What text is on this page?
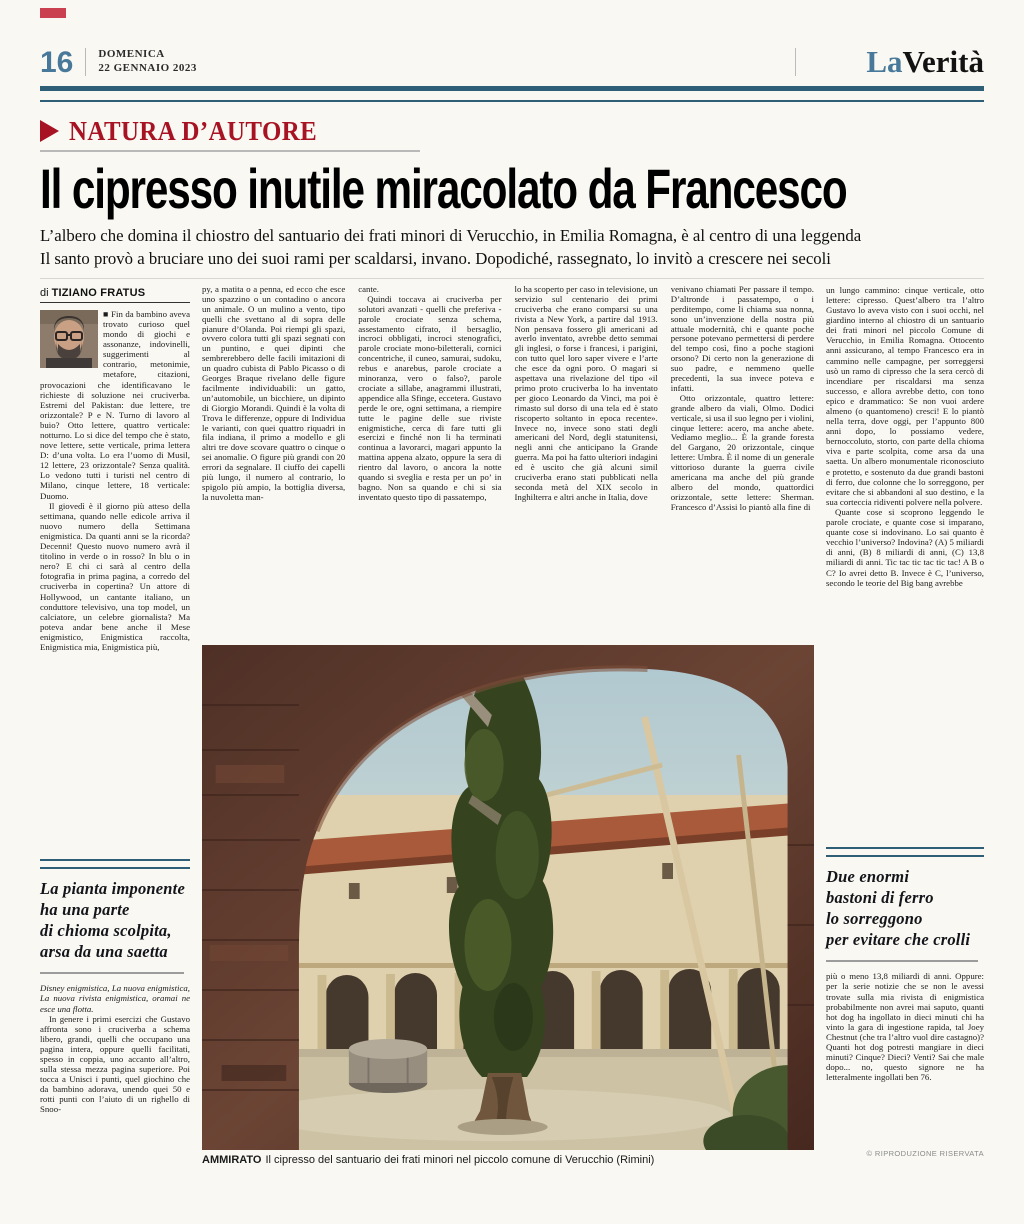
16 DOMENICA
22 GENNAIO 2023	LaVerità
NATURA D’AUTORE
Il cipresso inutile miracolato da Francesco
L’albero che domina il chiostro del santuario dei frati minori di Verucchio, in Emilia Romagna, è al centro di una leggenda
Il santo provò a bruciare uno dei suoi rami per scaldarsi, invano. Dopodiché, rassegnato, lo invitò a crescere nei secoli
di TIZIANO FRATUS

■ Fin da bambino aveva trovato curioso quel mondo di giochi e assonanze, indovinelli, suggerimenti al contrario, metonimie, metafore, citazioni, provocazioni che identificavano le richieste di soluzione nei cruciverba. Estremi del Pakistan: due lettere, tre orizzontale? P e N. Turno di lavoro al buio? Otto lettere, quattro verticale: notturno. Lo si dice del tempo che è stato, nove lettere, sette verticale, prima lettera D: d’una volta. Lo era l’uomo di Musil, 12 lettere, 23 orizzontale? Senza qualità. Lo vedono tutti i turisti nel centro di Milano, cinque lettere, 18 verticale: Duomo.

Il giovedì è il giorno più atteso della settimana, quando nelle edicole arriva il nuovo numero della Settimana enigmistica. Da quanti anni se la ricorda? Decenni! Questo nuovo numero avrà il titolino in verde o in rosso? In blu o in nero? E chi ci sarà al centro della fotografia in prima pagina, a corredo del cruciverba in copertina? Un attore di Hollywood, un cantante italiano, un conduttore televisivo, una top model, un calciatore, un celebre giornalista? Ma poteva andar bene anche il Mese enigmistico, Enigmistica raccolta, Enigmistica mia, Enigmistica più,

La pianta imponente
ha una parte
di chioma scolpita,
arsa da una saetta

Disney enigmistica, La nuova enigmistica, La nuova rivista enigmistica, oramai ne esce una flotta.

In genere i primi esercizi che Gustavo affronta sono i cruciverba a schema libero, grandi, quelli che occupano una pagina intera, oppure quelli facilitati, spesso in coppia, uno accanto all’altro, sulla stessa mezza pagina superiore. Poi tocca a Unisci i punti, quel giochino che da bambino adorava, unendo quei 50 e rotti punti con l’aiuto di un righello di Snoo-

py, a matita o a penna, ed ecco che esce uno spazzino o un contadino o ancora un animale. O un mulino a vento, tipo quelli che svettano al di sopra delle pianure d’Olanda. Poi riempi gli spazi, ovvero colora tutti gli spazi segnati con un puntino, e quei dipinti che sembrerebbero delle facili imitazioni di un quadro cubista di Pablo Picasso o di Georges Braque rivelano delle figure facilmente individuabili: un gatto, un’automobile, un bicchiere, un dipinto di Giorgio Morandi. Quindi è la volta di Trova le differenze, oppure di Individua le varianti, con quei quattro riquadri in fila indiana, il primo a modello e gli altri tre dove scovare quattro o cinque o sei anomalie. O figure più grandi con 20 errori da segnalare. Il ciuffo dei capelli più lungo, il numero al contrario, lo spigolo più ampio, la bottiglia diversa, la nuvoletta man-

cante.

Quindi toccava ai cruciverba per solutori avanzati - quelli che preferiva - parole crociate senza schema, assestamento cifrato, il bersaglio, incroci obbligati, incroci stenografici, parole crociate mono-biletterali, cornici concentriche, il cuneo, samurai, sudoku, rebus e anarebus, parole crociate a minoranza, vero o falso?, parole crociate a sillabe, anagrammi illustrati, appendice alla Sfinge, eccetera. Gustavo perde le ore, ogni settimana, a riempire tutte le pagine delle sue riviste enigmistiche, cerca di fare tutti gli esercizi e finché non li ha terminati continua a lavorarci, magari appunto la mattina appena alzato, oppure la sera di rientro dal lavoro, o ancora la notte quando si sveglia e resta per un po’ in bagno. Non sa quando e chi si sia inventato questo tipo di passatempo,

lo ha scoperto per caso in televisione, un servizio sul centenario dei primi cruciverba che erano comparsi su una rivista a New York, a partire dal 1913. Non pensava fossero gli americani ad averlo inventato, avrebbe detto semmai gli inglesi, o forse i francesi, i parigini, con tutto quel loro saper vivere e l’arte che esce da ogni poro. O magari si aspettava una rivelazione del tipo «il primo proto cruciverba lo ha inventato per gioco Leonardo da Vinci, ma poi è rimasto sul dorso di una tela ed è stato riscoperto soltanto in epoca recente». Invece no, invece sono stati degli americani del Nord, degli statunitensi, negli anni che anticipano la Grande guerra. Ma poi ha fatto ulteriori indagini ed è uscito che già alcuni simil cruciverba erano stati pubblicati nella seconda metà del XIX secolo in Inghilterra e altri anche in Italia, dove

venivano chiamati Per passare il tempo. D’altronde i passatempo, o i perditempo, come li chiama sua nonna, sono un’invenzione della nostra più attuale modernità, chi e quante poche persone potevano permettersi di perdere del tempo così, fino a poche stagioni orsono? Di certo non la generazione di suo padre, e nemmeno quelle precedenti, la sua invece poteva e infatti.

Otto orizzontale, quattro lettere: grande albero da viali, Olmo. Dodici verticale, si usa il suo legno per i violini, cinque lettere: acero, ma anche abete. Vediamo meglio... È la grande foresta del Gargano, 20 orizzontale, cinque lettere: Umbra. È il nome di un generale vittorioso durante la guerra civile americana ma anche del più grande albero del mondo, quattordici orizzontale, sette lettere: Sherman. Francesco d’Assisi lo piantò alla fine di

AMMIRATO Il cipresso del santuario dei frati minori nel piccolo comune di Verucchio (Rimini)

un lungo cammino: cinque verticale, otto lettere: cipresso. Quest’albero tra l’altro Gustavo lo aveva visto con i suoi occhi, nel giardino interno al chiostro di un santuario dei frati minori nel piccolo Comune di Verucchio, in Emilia Romagna. Ottocento anni assicurano, al tempo Francesco era in cammino nelle campagne, per sorreggersi usò un ramo di cipresso che la sera cercò di incendiare per riscaldarsi ma senza successo, e allora avrebbe detto, con tono epico e drammatico: Se non vuoi ardere almeno (o quantomeno) cresci! E lo piantò nella terra, dove oggi, per l’appunto 800 anni dopo, lo possiamo vedere, bernoccoluto, storto, con parte della chioma viva e parte scolpita, come arsa da una saetta. Un albero monumentale riconosciuto e protetto, e sostenuto da due grandi bastoni di ferro, due colonne che lo sorreggono, per evitare che si abbandoni al suo destino, e la sua corteccia ridiventi polvere nella polvere.

Quante cose si scoprono leggendo le parole crociate, e quante cose si imparano, quante cose si indovinano. Lo sai quanto è vecchio l’universo? Indovina? (A) 5 miliardi di anni, (B) 8 miliardi di anni, (C) 13,8 miliardi di anni. Tic tac tic tac tic tac! A B o C? Io avrei detto B. Invece è C, l’universo, secondo le teorie del Big bang avrebbe

Due enormi
bastoni di ferro
lo sorreggono
per evitare che crolli

più o meno 13,8 miliardi di anni. Oppure: per la serie notizie che se non le avessi trovate sulla mia rivista di enigmistica probabilmente non avrei mai saputo, quanti hot dog ha ingollato in dieci minuti chi ha vinto la gara di ingestione rapida, tal Joey Chestnut (che tra l’altro vuol dire castagno)? Quanti hot dog potresti mangiare in dieci minuti? Cinque? Dieci? Venti? Sai che male dopo... no, questo signore ne ha letteralmente ingollati ben 76.

© RIPRODUZIONE RISERVATA
